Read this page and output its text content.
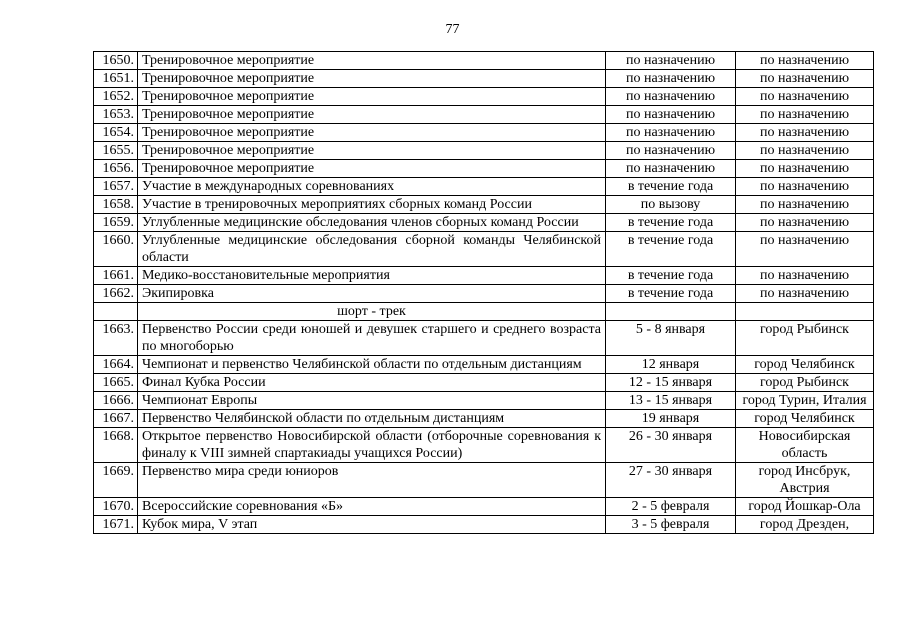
77
1650.	Тренировочное мероприятие	по назначению	по назначению
1651.	Тренировочное мероприятие	по назначению	по назначению
1652.	Тренировочное мероприятие	по назначению	по назначению
1653.	Тренировочное мероприятие	по назначению	по назначению
1654.	Тренировочное мероприятие	по назначению	по назначению
1655.	Тренировочное мероприятие	по назначению	по назначению
1656.	Тренировочное мероприятие	по назначению	по назначению
1657.	Участие в международных соревнованиях	в течение года	по назначению
1658.	Участие в тренировочных мероприятиях сборных команд России	по вызову	по назначению
1659.	Углубленные медицинские обследования членов сборных команд России	в течение года	по назначению
1660.	Углубленные медицинские обследования сборной команды Челябинской области	в течение года	по назначению
1661.	Медико-восстановительные мероприятия	в течение года	по назначению
1662.	Экипировка	в течение года	по назначению
	шорт - трек		
1663.	Первенство России среди юношей и девушек старшего и среднего возраста по многоборью	5 - 8 января	город Рыбинск
1664.	Чемпионат и первенство Челябинской области по отдельным дистанциям	12 января	город Челябинск
1665.	Финал Кубка России	12 - 15 января	город Рыбинск
1666.	Чемпионат Европы	13 - 15 января	город Турин, Италия
1667.	Первенство Челябинской области по отдельным дистанциям	19 января	город Челябинск
1668.	Открытое первенство Новосибирской области (отборочные соревнования к финалу к VIII зимней спартакиады учащихся России)	26 - 30 января	Новосибирская область
1669.	Первенство мира среди юниоров	27 - 30 января	город Инсбрук, Австрия
1670.	Всероссийские соревнования «Б»	2 - 5 февраля	город Йошкар-Ола
1671.	Кубок мира, V этап	3 - 5 февраля	город Дрезден,
